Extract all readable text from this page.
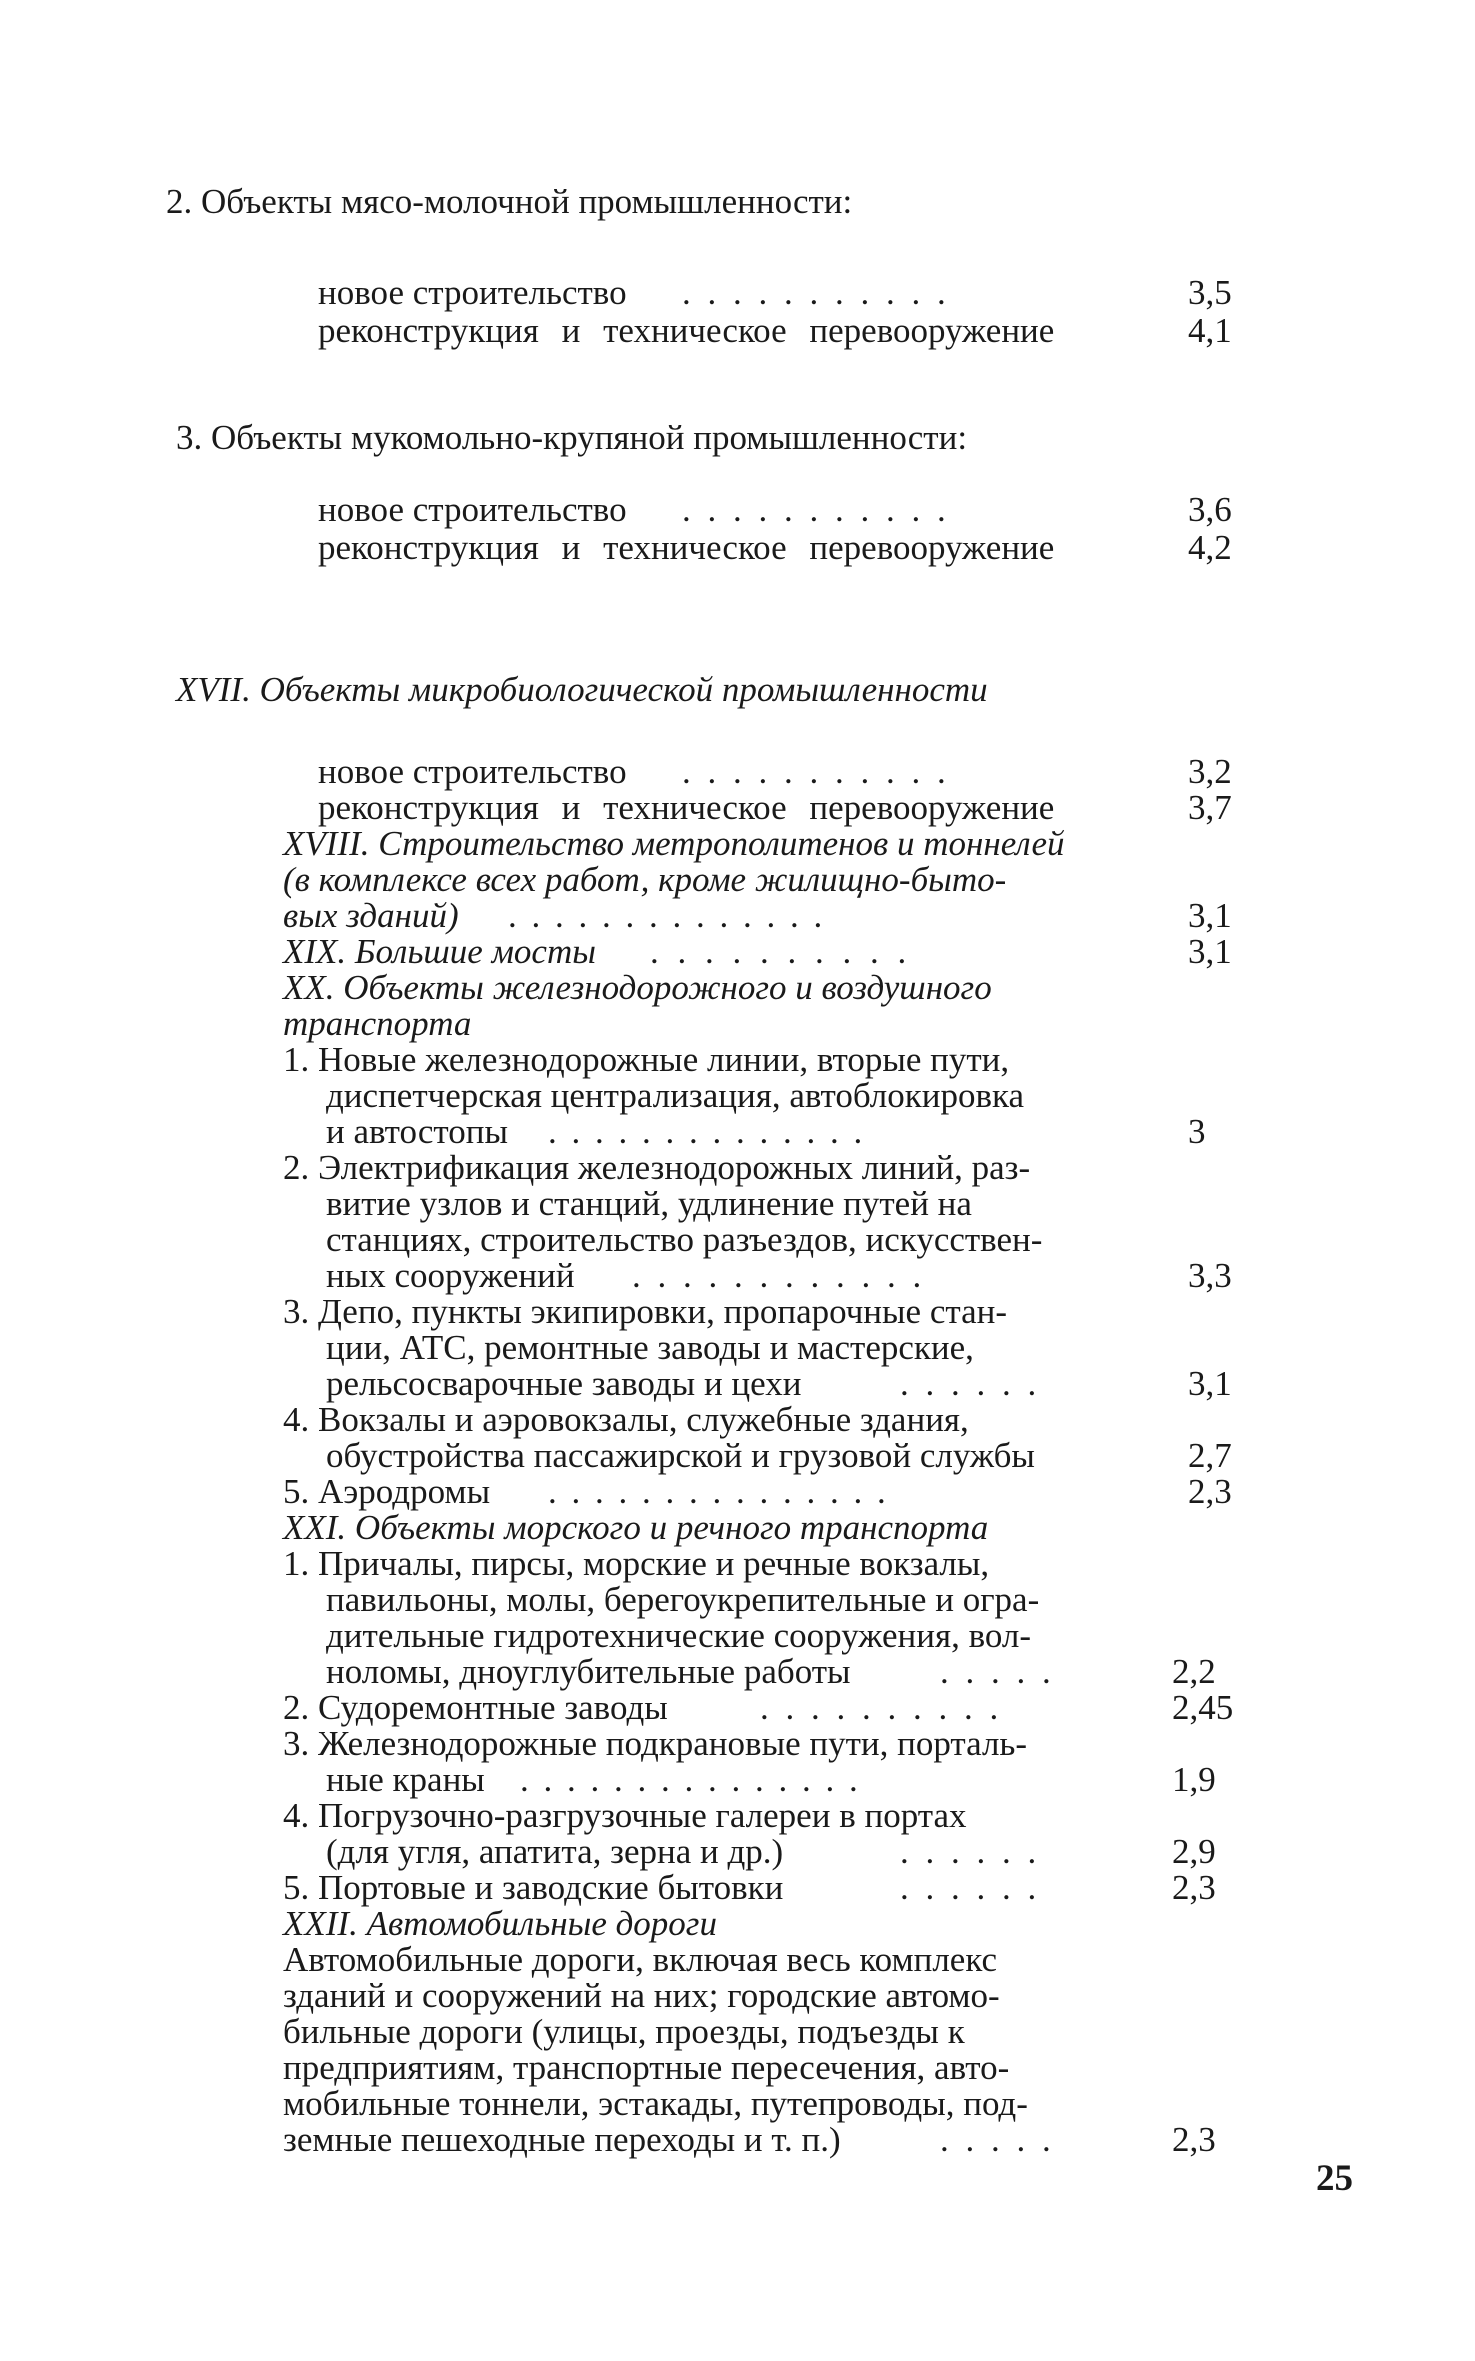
2. Объекты мясо-молочной промышленности:
новое строительство . . . . . . . . . . .	3,5
реконструкция и техническое перевооружение	4,1
3. Объекты мукомольно-крупяной промышленности:
новое строительство . . . . . . . . . . .	3,6
реконструкция и техническое перевооружение	4,2
XVII. Объекты микробиологической промышленности
новое строительство . . . . . . . . . . .	3,2
реконструкция и техническое перевооружение	3,7
XVIII. Строительство метрополитенов и тоннелей
(в комплексе всех работ, кроме жилищно-быто-
вых зданий) . . . . . . . . . . . . . .	3,1
XIX. Большие мосты . . . . . . . . . .	3,1
XX. Объекты железнодорожного и воздушного
транспорта
1. Новые железнодорожные линии, вторые пути,
диспетчерская централизация, автоблокировка
и автостопы . . . . . . . . . . . . . .	3
2. Электрификация железнодорожных линий, раз-
витие узлов и станций, удлинение путей на
станциях, строительство разъездов, искусствен-
ных сооружений . . . . . . . . . . . .	3,3
3. Депо, пункты экипировки, пропарочные стан-
ции, АТС, ремонтные заводы и мастерские,
рельсосварочные заводы и цехи	. . . . . .	3,1
4. Вокзалы и аэровокзалы, служебные здания,
обустройства пассажирской и грузовой службы	2,7
5. Аэродромы . . . . . . . . . . . . . . .	2,3
XXI. Объекты морского и речного транспорта
1. Причалы, пирсы, морские и речные вокзалы,
павильоны, молы, берегоукрепительные и огра-
дительные гидротехнические сооружения, вол-
ноломы, дноуглубительные работы	. . . . .	2,2
2. Судоремонтные заводы	. . . . . . . . . .	2,45
3. Железнодорожные подкрановые пути, порталь-
ные краны . . . . . . . . . . . . . . .	1,9
4. Погрузочно-разгрузочные галереи в портах
(для угля, апатита, зерна и др.)	. . . . . .	2,9
5. Портовые и заводские бытовки	. . . . . .	2,3
XXII. Автомобильные дороги
Автомобильные дороги, включая весь комплекс
зданий и сооружений на них; городские автомо-
бильные дороги (улицы, проезды, подъезды к
предприятиям, транспортные пересечения, авто-
мобильные тоннели, эстакады, путепроводы, под-
земные пешеходные переходы и т. п.)	. . . . .	2,3
25
